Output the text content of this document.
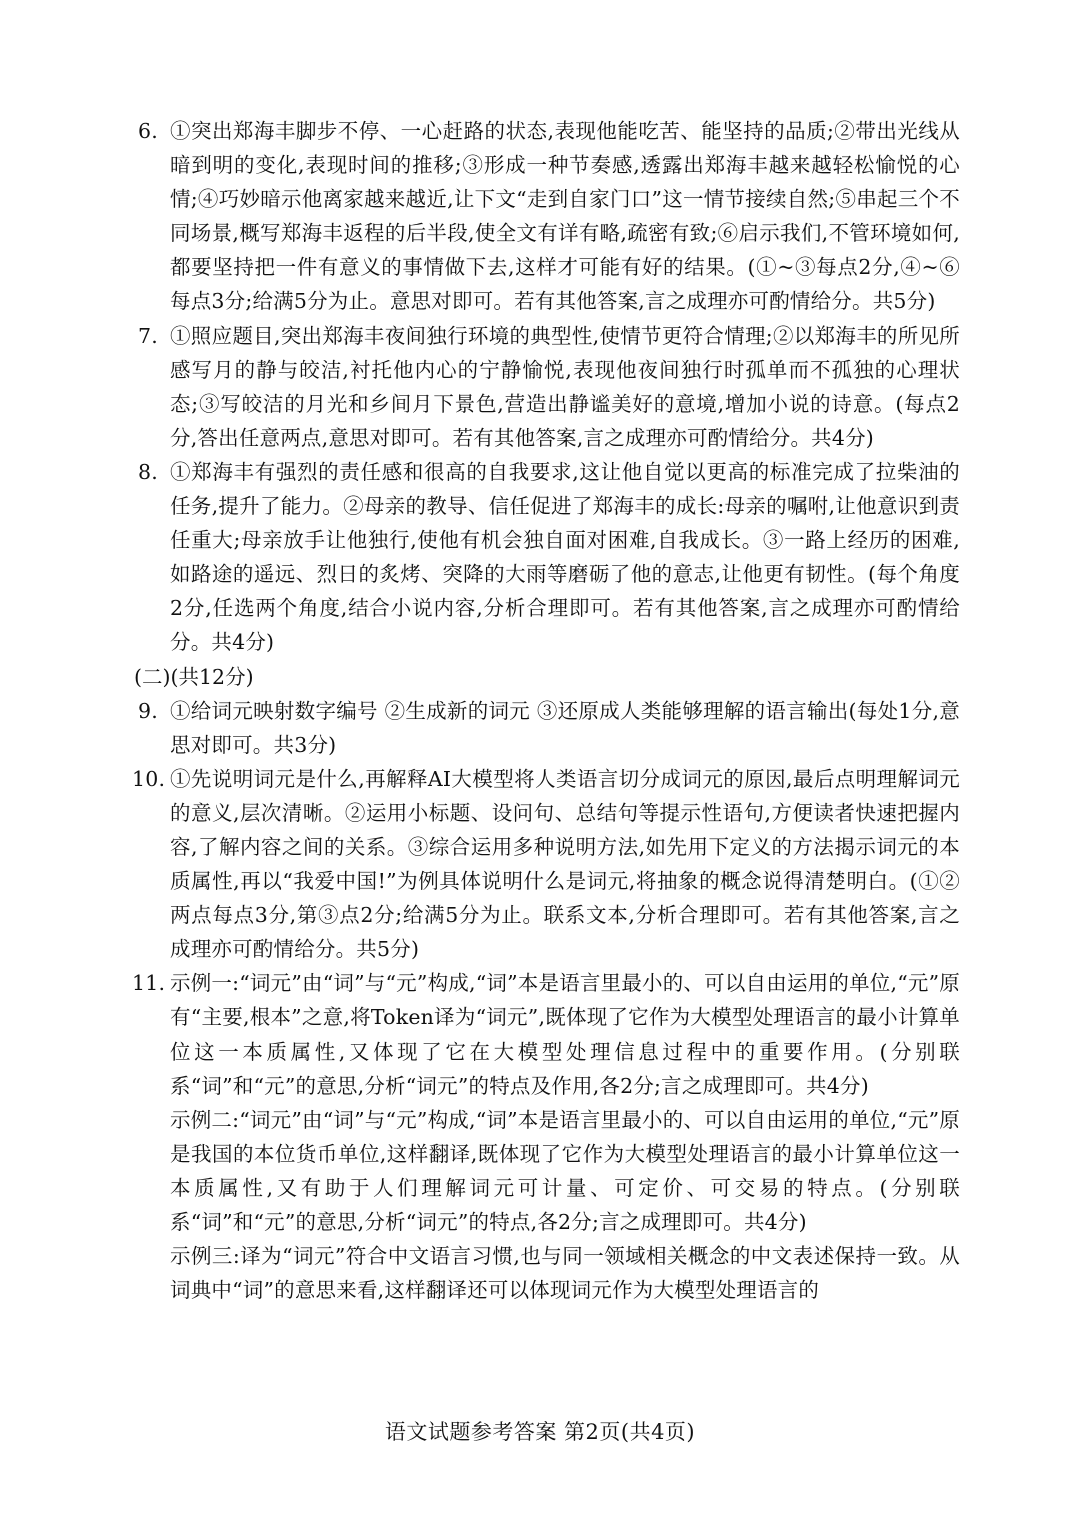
6. ①突出郑海丰脚步不停、一心赶路的状态,表现他能吃苦、能坚持的品质;②带出光线从暗到明的变化,表现时间的推移;③形成一种节奏感,透露出郑海丰越来越轻松愉悦的心情;④巧妙暗示他离家越来越近,让下文“走到自家门口”这一情节接续自然;⑤串起三个不同场景,概写郑海丰返程的后半段,使全文有详有略,疏密有致;⑥启示我们,不管环境如何,都要坚持把一件有意义的事情做下去,这样才可能有好的结果。(①~③每点2分,④~⑥每点3分;给满5分为止。意思对即可。若有其他答案,言之成理亦可酌情给分。共5分)

7. ①照应题目,突出郑海丰夜间独行环境的典型性,使情节更符合情理;②以郑海丰的所见所感写月的静与皎洁,衬托他内心的宁静愉悦,表现他夜间独行时孤单而不孤独的心理状态;③写皎洁的月光和乡间月下景色,营造出静谧美好的意境,增加小说的诗意。(每点2分,答出任意两点,意思对即可。若有其他答案,言之成理亦可酌情给分。共4分)

8. ①郑海丰有强烈的责任感和很高的自我要求,这让他自觉以更高的标准完成了拉柴油的任务,提升了能力。②母亲的教导、信任促进了郑海丰的成长:母亲的嘱咐,让他意识到责任重大;母亲放手让他独行,使他有机会独自面对困难,自我成长。③一路上经历的困难,如路途的遥远、烈日的炙烤、突降的大雨等磨砺了他的意志,让他更有韧性。(每个角度2分,任选两个角度,结合小说内容,分析合理即可。若有其他答案,言之成理亦可酌情给分。共4分)

(二)(共12分)
9. ①给词元映射数字编号 ②生成新的词元 ③还原成人类能够理解的语言输出(每处1分,意思对即可。共3分)

10. ①先说明词元是什么,再解释AI大模型将人类语言切分成词元的原因,最后点明理解词元的意义,层次清晰。②运用小标题、设问句、总结句等提示性语句,方便读者快速把握内容,了解内容之间的关系。③综合运用多种说明方法,如先用下定义的方法揭示词元的本质属性,再以“我爱中国!”为例具体说明什么是词元,将抽象的概念说得清楚明白。(①②两点每点3分,第③点2分;给满5分为止。联系文本,分析合理即可。若有其他答案,言之成理亦可酌情给分。共5分)

11. 示例一:“词元”由“词”与“元”构成,“词”本是语言里最小的、可以自由运用的单位,“元”原有“主要,根本”之意,将Token译为“词元”,既体现了它作为大模型处理语言的最小计算单位这一本质属性,又体现了它在大模型处理信息过程中的重要作用。(分别联系“词”和“元”的意思,分析“词元”的特点及作用,各2分;言之成理即可。共4分)

示例二:“词元”由“词”与“元”构成,“词”本是语言里最小的、可以自由运用的单位,“元”原是我国的本位货币单位,这样翻译,既体现了它作为大模型处理语言的最小计算单位这一本质属性,又有助于人们理解词元可计量、可定价、可交易的特点。(分别联系“词”和“元”的意思,分析“词元”的特点,各2分;言之成理即可。共4分)

示例三:译为“词元”符合中文语言习惯,也与同一领域相关概念的中文表述保持一致。从词典中“词”的意思来看,这样翻译还可以体现词元作为大模型处理语言的

语文试题参考答案 第2页(共4页)
